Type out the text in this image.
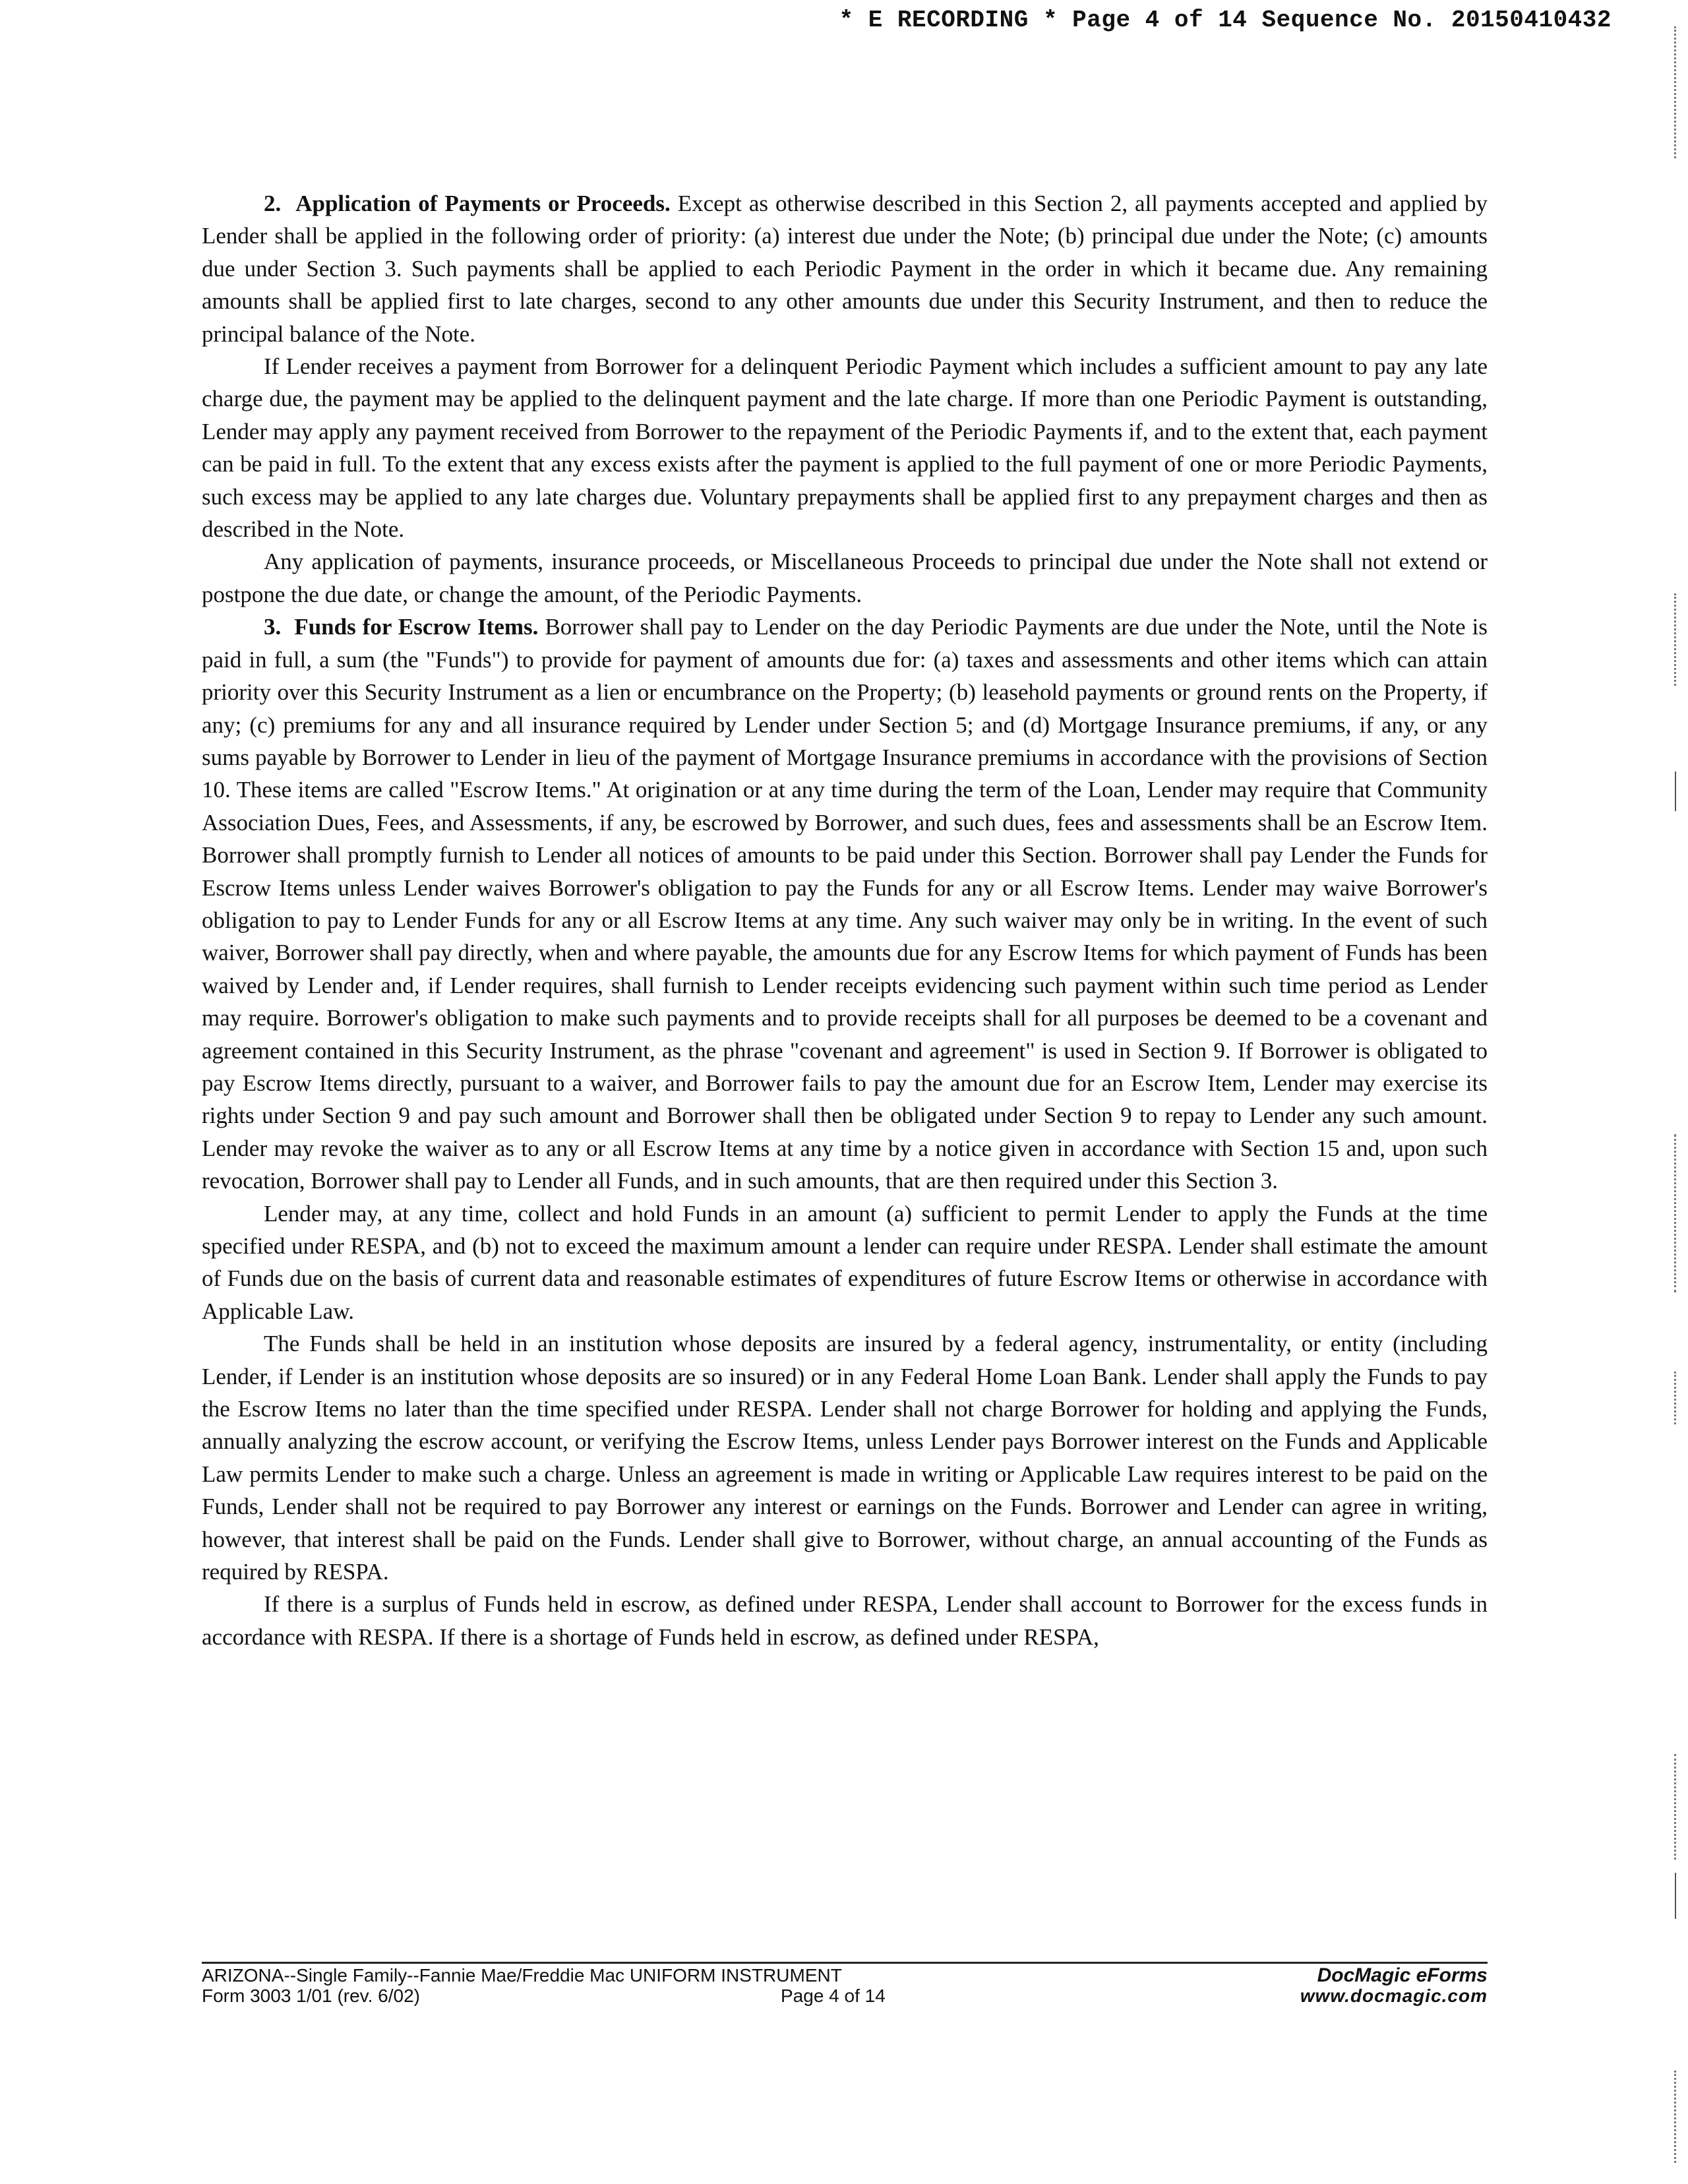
* E RECORDING * Page 4 of 14 Sequence No. 20150410432

2. Application of Payments or Proceeds. Except as otherwise described in this Section 2, all payments accepted and applied by Lender shall be applied in the following order of priority: (a) interest due under the Note; (b) principal due under the Note; (c) amounts due under Section 3. Such payments shall be applied to each Periodic Payment in the order in which it became due. Any remaining amounts shall be applied first to late charges, second to any other amounts due under this Security Instrument, and then to reduce the principal balance of the Note.

If Lender receives a payment from Borrower for a delinquent Periodic Payment which includes a sufficient amount to pay any late charge due, the payment may be applied to the delinquent payment and the late charge. If more than one Periodic Payment is outstanding, Lender may apply any payment received from Borrower to the repayment of the Periodic Payments if, and to the extent that, each payment can be paid in full. To the extent that any excess exists after the payment is applied to the full payment of one or more Periodic Payments, such excess may be applied to any late charges due. Voluntary prepayments shall be applied first to any prepayment charges and then as described in the Note.

Any application of payments, insurance proceeds, or Miscellaneous Proceeds to principal due under the Note shall not extend or postpone the due date, or change the amount, of the Periodic Payments.

3. Funds for Escrow Items. Borrower shall pay to Lender on the day Periodic Payments are due under the Note, until the Note is paid in full, a sum (the "Funds") to provide for payment of amounts due for: (a) taxes and assessments and other items which can attain priority over this Security Instrument as a lien or encumbrance on the Property; (b) leasehold payments or ground rents on the Property, if any; (c) premiums for any and all insurance required by Lender under Section 5; and (d) Mortgage Insurance premiums, if any, or any sums payable by Borrower to Lender in lieu of the payment of Mortgage Insurance premiums in accordance with the provisions of Section 10. These items are called "Escrow Items." At origination or at any time during the term of the Loan, Lender may require that Community Association Dues, Fees, and Assessments, if any, be escrowed by Borrower, and such dues, fees and assessments shall be an Escrow Item. Borrower shall promptly furnish to Lender all notices of amounts to be paid under this Section. Borrower shall pay Lender the Funds for Escrow Items unless Lender waives Borrower's obligation to pay the Funds for any or all Escrow Items. Lender may waive Borrower's obligation to pay to Lender Funds for any or all Escrow Items at any time. Any such waiver may only be in writing. In the event of such waiver, Borrower shall pay directly, when and where payable, the amounts due for any Escrow Items for which payment of Funds has been waived by Lender and, if Lender requires, shall furnish to Lender receipts evidencing such payment within such time period as Lender may require. Borrower's obligation to make such payments and to provide receipts shall for all purposes be deemed to be a covenant and agreement contained in this Security Instrument, as the phrase "covenant and agreement" is used in Section 9. If Borrower is obligated to pay Escrow Items directly, pursuant to a waiver, and Borrower fails to pay the amount due for an Escrow Item, Lender may exercise its rights under Section 9 and pay such amount and Borrower shall then be obligated under Section 9 to repay to Lender any such amount. Lender may revoke the waiver as to any or all Escrow Items at any time by a notice given in accordance with Section 15 and, upon such revocation, Borrower shall pay to Lender all Funds, and in such amounts, that are then required under this Section 3.

Lender may, at any time, collect and hold Funds in an amount (a) sufficient to permit Lender to apply the Funds at the time specified under RESPA, and (b) not to exceed the maximum amount a lender can require under RESPA. Lender shall estimate the amount of Funds due on the basis of current data and reasonable estimates of expenditures of future Escrow Items or otherwise in accordance with Applicable Law.

The Funds shall be held in an institution whose deposits are insured by a federal agency, instrumentality, or entity (including Lender, if Lender is an institution whose deposits are so insured) or in any Federal Home Loan Bank. Lender shall apply the Funds to pay the Escrow Items no later than the time specified under RESPA. Lender shall not charge Borrower for holding and applying the Funds, annually analyzing the escrow account, or verifying the Escrow Items, unless Lender pays Borrower interest on the Funds and Applicable Law permits Lender to make such a charge. Unless an agreement is made in writing or Applicable Law requires interest to be paid on the Funds, Lender shall not be required to pay Borrower any interest or earnings on the Funds. Borrower and Lender can agree in writing, however, that interest shall be paid on the Funds. Lender shall give to Borrower, without charge, an annual accounting of the Funds as required by RESPA.

If there is a surplus of Funds held in escrow, as defined under RESPA, Lender shall account to Borrower for the excess funds in accordance with RESPA. If there is a shortage of Funds held in escrow, as defined under RESPA,

ARIZONA--Single Family--Fannie Mae/Freddie Mac UNIFORM INSTRUMENT
Form 3003 1/01 (rev. 6/02)	Page 4 of 14
DocMagic eForms
www.docmagic.com
